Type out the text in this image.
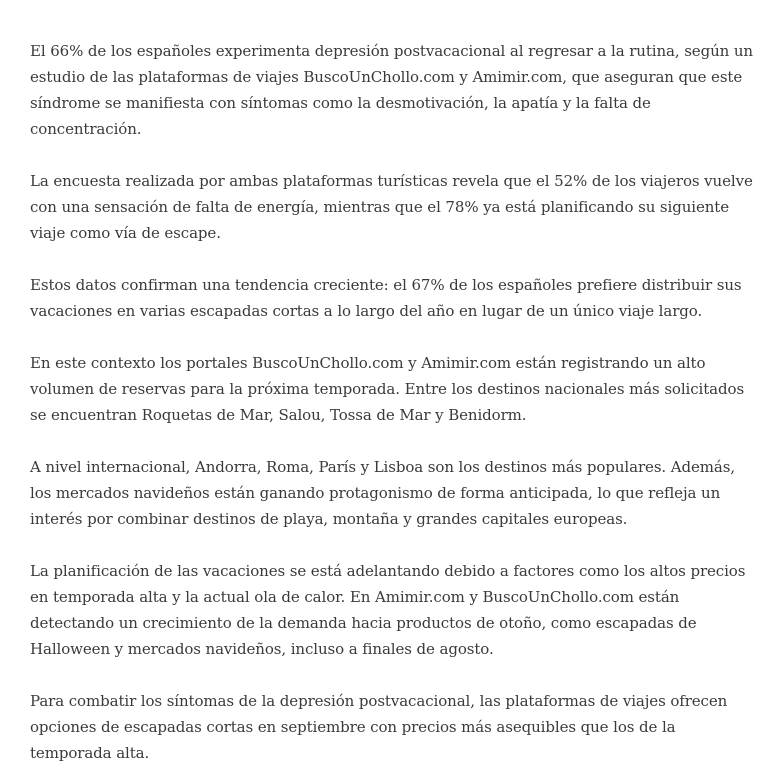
El 66% de los españoles experimenta depresión postvacacional al regresar a la rutina, según un estudio de las plataformas de viajes BuscoUnChollo.com y Amimir.com, que aseguran que este síndrome se manifiesta con síntomas como la desmotivación, la apatía y la falta de concentración.

La encuesta realizada por ambas plataformas turísticas revela que el 52% de los viajeros vuelve con una sensación de falta de energía, mientras que el 78% ya está planificando su siguiente viaje como vía de escape.

Estos datos confirman una tendencia creciente: el 67% de los españoles prefiere distribuir sus vacaciones en varias escapadas cortas a lo largo del año en lugar de un único viaje largo.

En este contexto los portales BuscoUnChollo.com y Amimir.com están registrando un alto volumen de reservas para la próxima temporada. Entre los destinos nacionales más solicitados se encuentran Roquetas de Mar, Salou, Tossa de Mar y Benidorm.

A nivel internacional, Andorra, Roma, París y Lisboa son los destinos más populares. Además, los mercados navideños están ganando protagonismo de forma anticipada, lo que refleja un interés por combinar destinos de playa, montaña y grandes capitales europeas.

La planificación de las vacaciones se está adelantando debido a factores como los altos precios en temporada alta y la actual ola de calor. En Amimir.com y BuscoUnChollo.com están detectando un crecimiento de la demanda hacia productos de otoño, como escapadas de Halloween y mercados navideños, incluso a finales de agosto.

Para combatir los síntomas de la depresión postvacacional, las plataformas de viajes ofrecen opciones de escapadas cortas en septiembre con precios más asequibles que los de la temporada alta.
